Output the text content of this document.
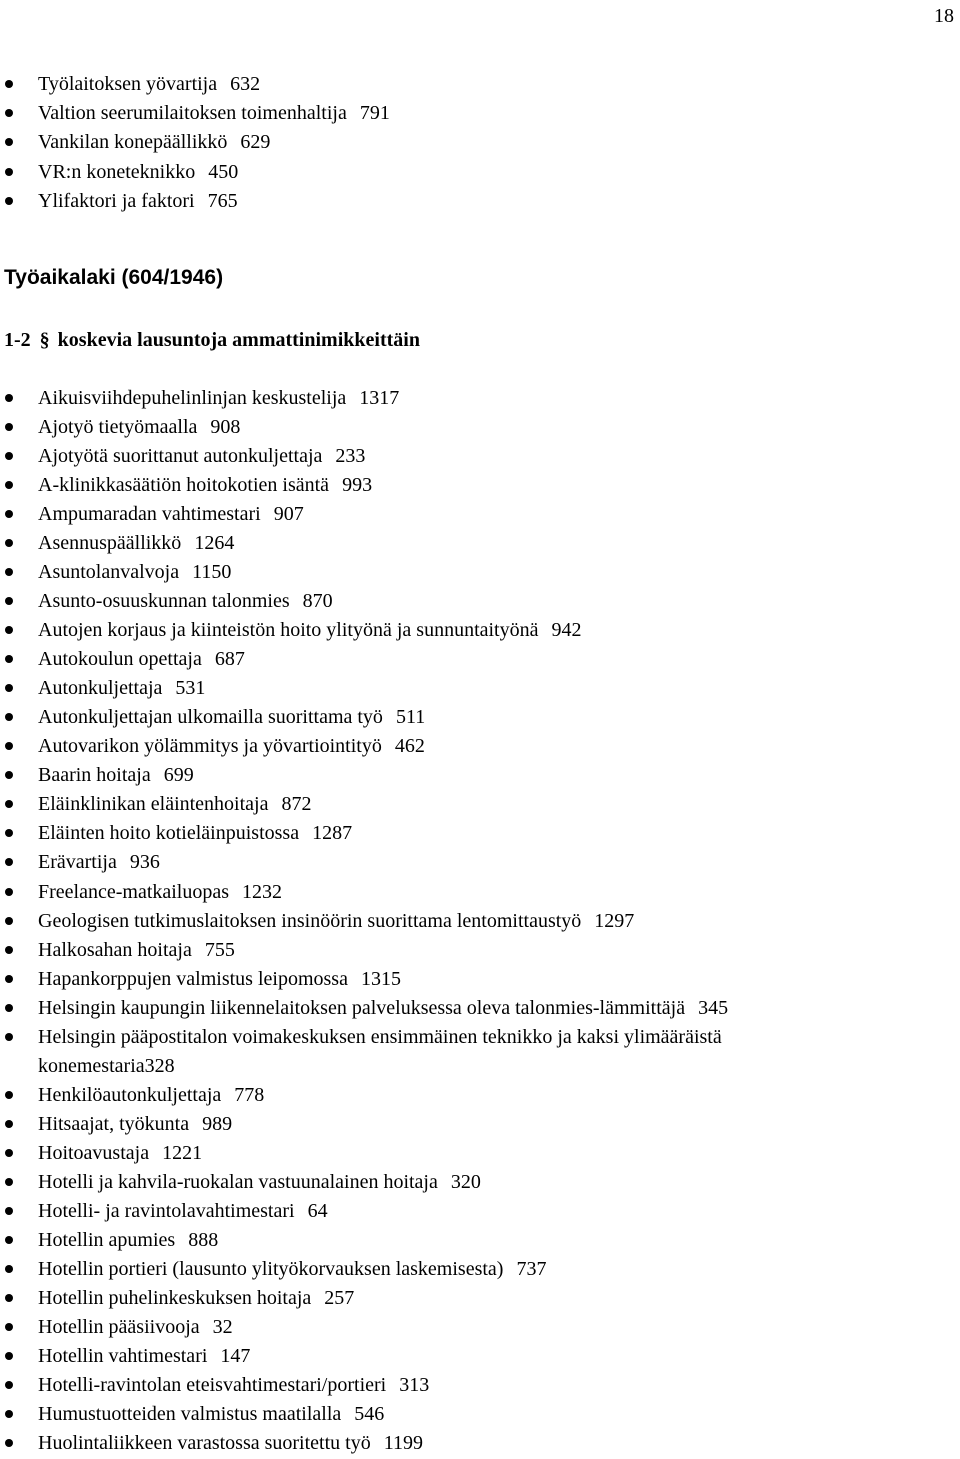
18
Työlaitoksen yövartija 632
Valtion seerumilaitoksen toimenhaltija 791
Vankilan konepäällikkö 629
VR:n koneteknikko 450
Ylifaktori ja faktori 765
Työaikalaki (604/1946)
1-2 § koskevia lausuntoja ammattinimikkeittäin
Aikuisviihdepuhelinlinjan keskustelija 1317
Ajotyö tietyömaalla 908
Ajotyötä suorittanut autonkuljettaja 233
A-klinikkasäätiön hoitokotien isäntä 993
Ampumaradan vahtimestari 907
Asennuspäällikkö 1264
Asuntolanvalvoja 1150
Asunto-osuuskunnan talonmies 870
Autojen korjaus ja kiinteistön hoito ylityönä ja sunnuntaityönä 942
Autokoulun opettaja 687
Autonkuljettaja 531
Autonkuljettajan ulkomailla suorittama työ 511
Autovarikon yölämmitys ja yövartiointityö 462
Baarin hoitaja 699
Eläinklinikan eläintenhoitaja 872
Eläinten hoito kotieläinpuistossa 1287
Erävartija 936
Freelance-matkailuopas 1232
Geologisen tutkimuslaitoksen insinöörin suorittama lentomittaustyö 1297
Halkosahan hoitaja 755
Hapankorppujen valmistus leipomossa 1315
Helsingin kaupungin liikennelaitoksen palveluksessa oleva talonmies-lämmittäjä 345
Helsingin pääpostitalon voimakeskuksen ensimmäinen teknikko ja kaksi ylimääräistä
konemestaria328
Henkilöautonkuljettaja 778
Hitsaajat, työkunta 989
Hoitoavustaja 1221
Hotelli ja kahvila-ruokalan vastuunalainen hoitaja 320
Hotelli- ja ravintolavahtimestari 64
Hotellin apumies 888
Hotellin portieri (lausunto ylityökorvauksen laskemisesta) 737
Hotellin puhelinkeskuksen hoitaja 257
Hotellin pääsiivooja 32
Hotellin vahtimestari 147
Hotelli-ravintolan eteisvahtimestari/portieri 313
Humustuotteiden valmistus maatilalla 546
Huolintaliikkeen varastossa suoritettu työ 1199
